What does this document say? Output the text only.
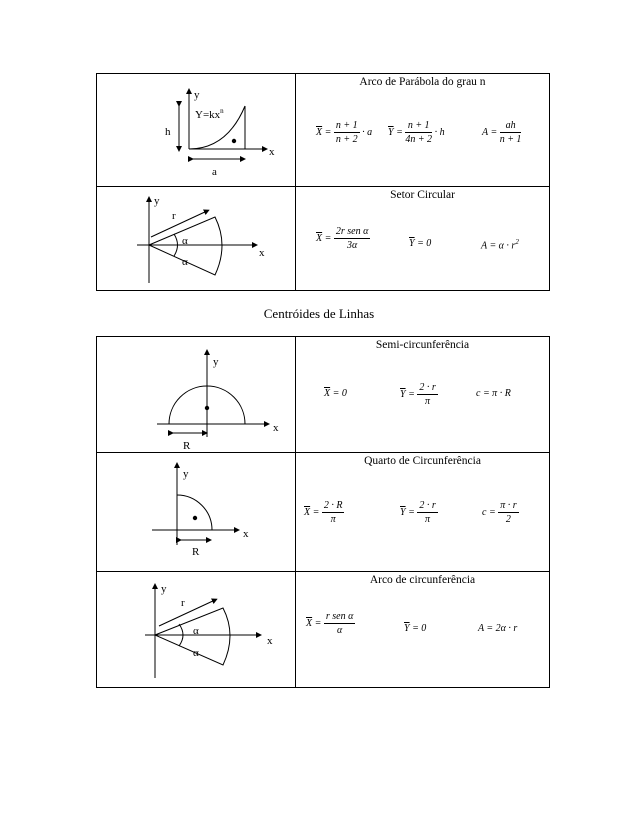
y
$Y=kx^n$
h
x
a
Arco de Parábola do grau n
$\overline{X} = \frac{n + 1}{n + 2} \cdot a$ $\overline{Y} = \frac{n + 1}{4n + 2} \cdot h$	$A = \frac{ah}{n + 1}$
y
r
α
α
x
Setor Circular
$\overline{X} = \frac{\text{2r sen α}}{3\alpha}$	$\overline{Y} = 0$	$A = \alpha \cdot r^2$
Centróides de Linhas
y
x
R
Semi-circunferência
$\overline{X} = 0$	$\overline{Y} = \frac{2 \cdot r}{\pi}$	c = π · R
y
x
R
Quarto de Circunferência
$\overline{X} = \frac{2 \cdot R}{\pi}$	$\overline{Y} = \frac{2 \cdot r}{\pi}$	$c = \frac{\pi \cdot r}{2}$
y
r
α
α
x
Arco de circunferência
$\overline{X} = \frac{\text{r sen α}}{\alpha}$	$\overline{Y} = 0$	A = 2α · r
